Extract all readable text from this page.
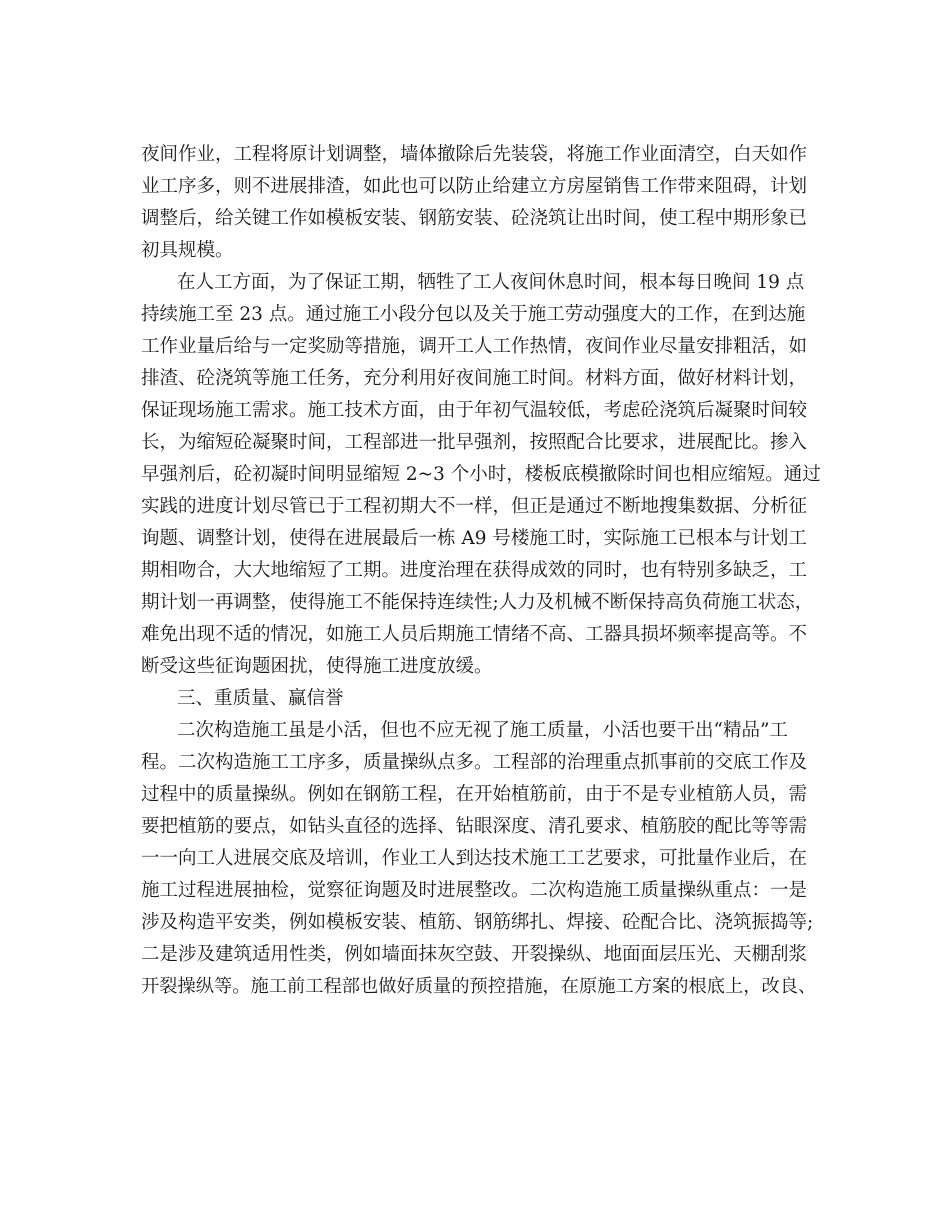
夜间作业，工程将原计划调整，墙体撤除后先装袋，将施工作业面清空，白天如作
业工序多，则不进展排渣，如此也可以防止给建立方房屋销售工作带来阻碍，计划
调整后，给关键工作如模板安装、钢筋安装、砼浇筑让出时间，使工程中期形象已
初具规模。
在人工方面，为了保证工期，牺牲了工人夜间休息时间，根本每日晚间 19 点
持续施工至 23 点。通过施工小段分包以及关于施工劳动强度大的工作，在到达施
工作业量后给与一定奖励等措施，调开工人工作热情，夜间作业尽量安排粗活，如
排渣、砼浇筑等施工任务，充分利用好夜间施工时间。材料方面，做好材料计划，
保证现场施工需求。施工技术方面，由于年初气温较低，考虑砼浇筑后凝聚时间较
长，为缩短砼凝聚时间，工程部进一批早强剂，按照配合比要求，进展配比。掺入
早强剂后，砼初凝时间明显缩短 2~3 个小时，楼板底模撤除时间也相应缩短。通过
实践的进度计划尽管已于工程初期大不一样，但正是通过不断地搜集数据、分析征
询题、调整计划，使得在进展最后一栋 A9 号楼施工时，实际施工已根本与计划工
期相吻合，大大地缩短了工期。进度治理在获得成效的同时，也有特别多缺乏，工
期计划一再调整，使得施工不能保持连续性;人力及机械不断保持高负荷施工状态，
难免出现不适的情况，如施工人员后期施工情绪不高、工器具损坏频率提高等。不
断受这些征询题困扰，使得施工进度放缓。
三、重质量、赢信誉
二次构造施工虽是小活，但也不应无视了施工质量，小活也要干出“精品”工
程。二次构造施工工序多，质量操纵点多。工程部的治理重点抓事前的交底工作及
过程中的质量操纵。例如在钢筋工程，在开始植筋前，由于不是专业植筋人员，需
要把植筋的要点，如钻头直径的选择、钻眼深度、清孔要求、植筋胶的配比等等需
一一向工人进展交底及培训，作业工人到达技术施工工艺要求，可批量作业后，在
施工过程进展抽检，觉察征询题及时进展整改。二次构造施工质量操纵重点：一是
涉及构造平安类，例如模板安装、植筋、钢筋绑扎、焊接、砼配合比、浇筑振捣等;
二是涉及建筑适用性类，例如墙面抹灰空鼓、开裂操纵、地面面层压光、天棚刮浆
开裂操纵等。施工前工程部也做好质量的预控措施，在原施工方案的根底上，改良、
